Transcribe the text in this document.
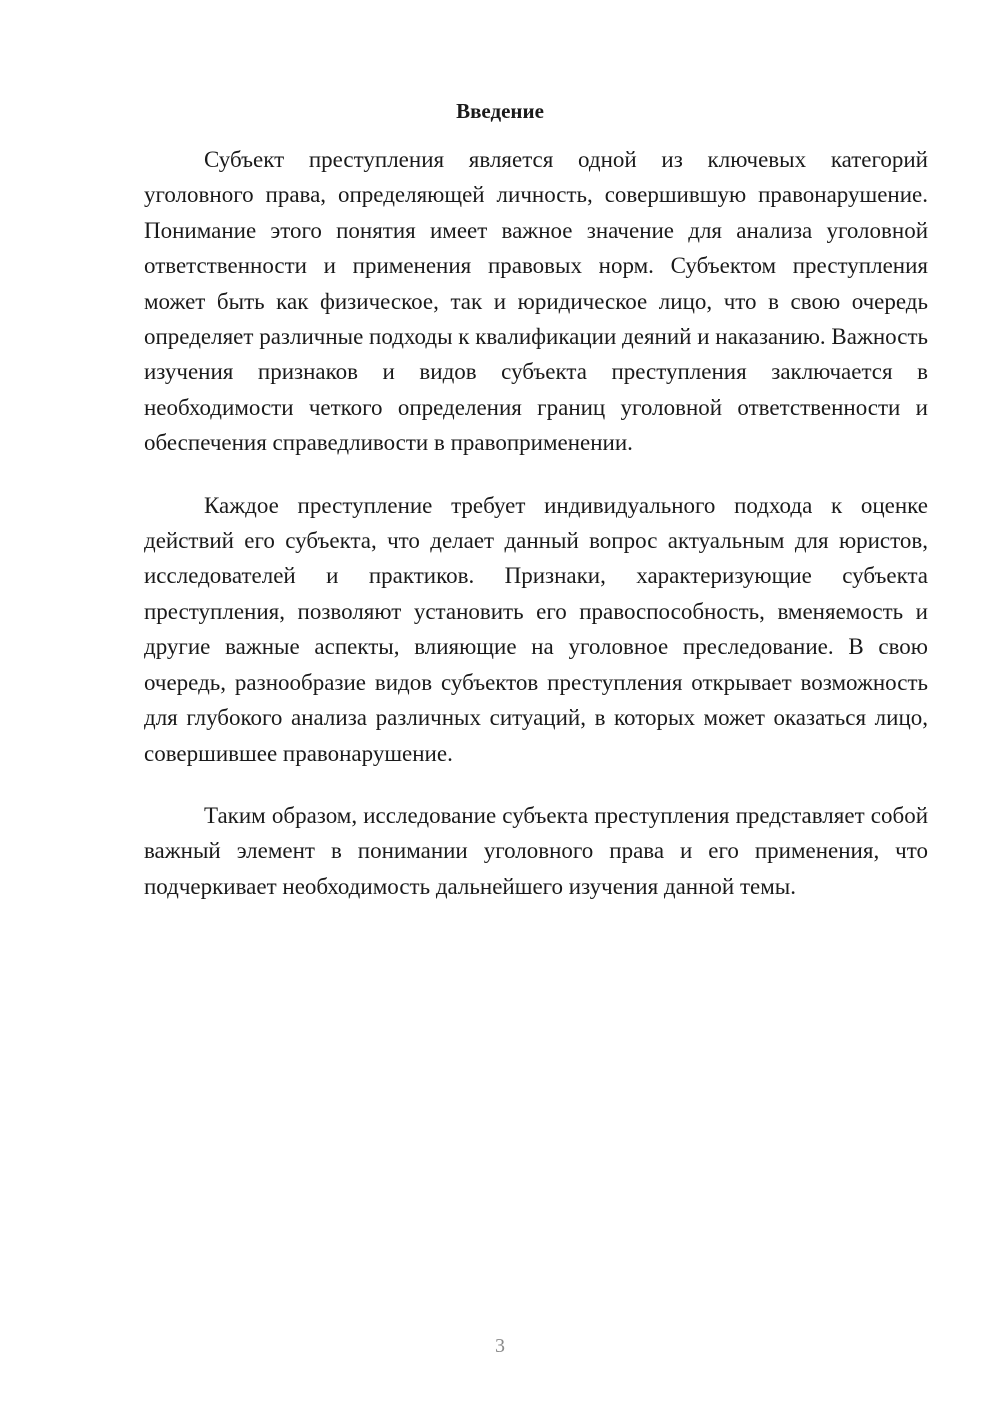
Введение

Субъект преступления является одной из ключевых категорий уголовного права, определяющей личность, совершившую правонарушение. Понимание этого понятия имеет важное значение для анализа уголовной ответственности и применения правовых норм. Субъектом преступления может быть как физическое, так и юридическое лицо, что в свою очередь определяет различные подходы к квалификации деяний и наказанию. Важность изучения признаков и видов субъекта преступления заключается в необходимости четкого определения границ уголовной ответственности и обеспечения справедливости в правоприменении.

Каждое преступление требует индивидуального подхода к оценке действий его субъекта, что делает данный вопрос актуальным для юристов, исследователей и практиков. Признаки, характеризующие субъекта преступления, позволяют установить его правоспособность, вменяемость и другие важные аспекты, влияющие на уголовное преследование. В свою очередь, разнообразие видов субъектов преступления открывает возможность для глубокого анализа различных ситуаций, в которых может оказаться лицо, совершившее правонарушение.

Таким образом, исследование субъекта преступления представляет собой важный элемент в понимании уголовного права и его применения, что подчеркивает необходимость дальнейшего изучения данной темы.

3
